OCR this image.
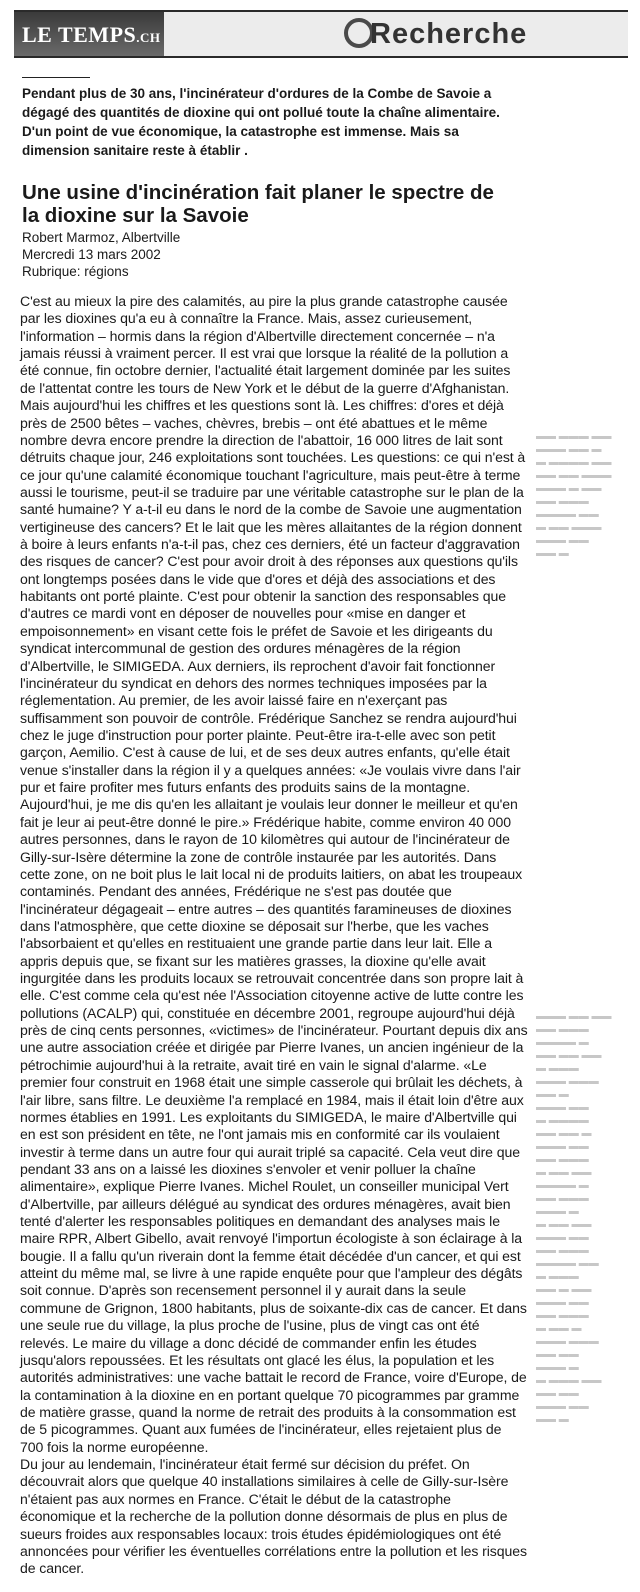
LE TEMPS.CH	Recherche
Pendant plus de 30 ans, l'incinérateur d'ordures de la Combe de Savoie a dégagé des quantités de dioxine qui ont pollué toute la chaîne alimentaire. D'un point de vue économique, la catastrophe est immense. Mais sa dimension sanitaire reste à établir .
Une usine d'incinération fait planer le spectre de la dioxine sur la Savoie
Robert Marmoz, Albertville
Mercredi 13 mars 2002
Rubrique: régions

C'est au mieux la pire des calamités, au pire la plus grande catastrophe causée par les dioxines qu'a eu à connaître la France. Mais, assez curieusement, l'information – hormis dans la région d'Albertville directement concernée – n'a jamais réussi à vraiment percer. Il est vrai que lorsque la réalité de la pollution a été connue, fin octobre dernier, l'actualité était largement dominée par les suites de l'attentat contre les tours de New York et le début de la guerre d'Afghanistan. Mais aujourd'hui les chiffres et les questions sont là. Les chiffres: d'ores et déjà près de 2500 bêtes – vaches, chèvres, brebis – ont été abattues et le même nombre devra encore prendre la direction de l'abattoir, 16 000 litres de lait sont détruits chaque jour, 246 exploitations sont touchées. Les questions: ce qui n'est à ce jour qu'une calamité économique touchant l'agriculture, mais peut-être à terme aussi le tourisme, peut-il se traduire par une véritable catastrophe sur le plan de la santé humaine? Y a-t-il eu dans le nord de la combe de Savoie une augmentation vertigineuse des cancers? Et le lait que les mères allaitantes de la région donnent à boire à leurs enfants n'a-t-il pas, chez ces derniers, été un facteur d'aggravation des risques de cancer? C'est pour avoir droit à des réponses aux questions qu'ils ont longtemps posées dans le vide que d'ores et déjà des associations et des habitants ont porté plainte. C'est pour obtenir la sanction des responsables que d'autres ce mardi vont en déposer de nouvelles pour «mise en danger et empoisonnement» en visant cette fois le préfet de Savoie et les dirigeants du syndicat intercommunal de gestion des ordures ménagères de la région d'Albertville, le SIMIGEDA. Aux derniers, ils reprochent d'avoir fait fonctionner l'incinérateur du syndicat en dehors des normes techniques imposées par la réglementation. Au premier, de les avoir laissé faire en n'exerçant pas suffisamment son pouvoir de contrôle. Frédérique Sanchez se rendra aujourd'hui chez le juge d'instruction pour porter plainte. Peut-être ira-t-elle avec son petit garçon, Aemilio. C'est à cause de lui, et de ses deux autres enfants, qu'elle était venue s'installer dans la région il y a quelques années: «Je voulais vivre dans l'air pur et faire profiter mes futurs enfants des produits sains de la montagne. Aujourd'hui, je me dis qu'en les allaitant je voulais leur donner le meilleur et qu'en fait je leur ai peut-être donné le pire.» Frédérique habite, comme environ 40 000 autres personnes, dans le rayon de 10 kilomètres qui autour de l'incinérateur de Gilly-sur-Isère détermine la zone de contrôle instaurée par les autorités. Dans cette zone, on ne boit plus le lait local ni de produits laitiers, on abat les troupeaux contaminés. Pendant des années, Frédérique ne s'est pas doutée que l'incinérateur dégageait – entre autres – des quantités faramineuses de dioxines dans l'atmosphère, que cette dioxine se déposait sur l'herbe, que les vaches l'absorbaient et qu'elles en restituaient une grande partie dans leur lait. Elle a appris depuis que, se fixant sur les matières grasses, la dioxine qu'elle avait ingurgitée dans les produits locaux se retrouvait concentrée dans son propre lait à elle. C'est comme cela qu'est née l'Association citoyenne active de lutte contre les pollutions (ACALP) qui, constituée en décembre 2001, regroupe aujourd'hui déjà près de cinq cents personnes, «victimes» de l'incinérateur. Pourtant depuis dix ans une autre association créée et dirigée par Pierre Ivanes, un ancien ingénieur de la pétrochimie aujourd'hui à la retraite, avait tiré en vain le signal d'alarme. «Le premier four construit en 1968 était une simple casserole qui brûlait les déchets, à l'air libre, sans filtre. Le deuxième l'a remplacé en 1984, mais il était loin d'être aux normes établies en 1991. Les exploitants du SIMIGEDA, le maire d'Albertville qui en est son président en tête, ne l'ont jamais mis en conformité car ils voulaient investir à terme dans un autre four qui aurait triplé sa capacité. Cela veut dire que pendant 33 ans on a laissé les dioxines s'envoler et venir polluer la chaîne alimentaire», explique Pierre Ivanes. Michel Roulet, un conseiller municipal Vert d'Albertville, par ailleurs délégué au syndicat des ordures ménagères, avait bien tenté d'alerter les responsables politiques en demandant des analyses mais le maire RPR, Albert Gibello, avait renvoyé l'importun écologiste à son éclairage à la bougie. Il a fallu qu'un riverain dont la femme était décédée d'un cancer, et qui est atteint du même mal, se livre à une rapide enquête pour que l'ampleur des dégâts soit connue. D'après son recensement personnel il y aurait dans la seule commune de Grignon, 1800 habitants, plus de soixante-dix cas de cancer. Et dans une seule rue du village, la plus proche de l'usine, plus de vingt cas ont été relevés. Le maire du village a donc décidé de commander enfin les études jusqu'alors repoussées. Et les résultats ont glacé les élus, la population et les autorités administratives: une vache battait le record de France, voire d'Europe, de la contamination à la dioxine en en portant quelque 70 picogrammes par gramme de matière grasse, quand la norme de retrait des produits à la consommation est de 5 picogrammes. Quant aux fumées de l'incinérateur, elles rejetaient plus de 700 fois la norme européenne.

Du jour au lendemain, l'incinérateur était fermé sur décision du préfet. On découvrait alors que quelque 40 installations similaires à celle de Gilly-sur-Isère n'étaient pas aux normes en France. C'était le début de la catastrophe économique et la recherche de la pollution donne désormais de plus en plus de sueurs froides aux responsables locaux: trois études épidémiologiques ont été annoncées pour vérifier les éventuelles corrélations entre la pollution et les risques de cancer.

▬▬ ▬▬▬ ▬▬
▬▬▬ ▬▬ ▬
▬ ▬▬▬▬ ▬▬
▬▬ ▬▬ ▬▬▬
▬▬▬ ▬ ▬▬
▬▬ ▬▬▬
▬▬▬▬ ▬▬
▬ ▬▬ ▬▬▬
▬▬▬ ▬▬
▬▬ ▬
▬▬▬ ▬▬ ▬▬
▬▬ ▬▬▬
▬▬▬▬ ▬
▬▬ ▬▬ ▬▬
▬ ▬▬▬
▬▬▬ ▬▬▬
▬▬ ▬
▬▬▬ ▬▬
▬ ▬▬▬▬
▬▬ ▬▬ ▬
▬▬▬ ▬▬
▬▬ ▬▬▬
▬ ▬▬ ▬▬
▬▬▬▬ ▬
▬▬ ▬▬▬
▬▬▬ ▬
▬ ▬▬ ▬▬
▬▬▬ ▬▬
▬▬ ▬▬▬
▬▬▬▬ ▬▬
▬ ▬▬▬
▬▬ ▬ ▬▬
▬▬▬ ▬▬
▬▬ ▬▬▬
▬ ▬▬ ▬
▬▬▬ ▬▬▬
▬▬ ▬▬
▬▬▬ ▬
▬ ▬▬▬ ▬▬
▬▬ ▬▬
▬▬▬ ▬▬
▬▬ ▬
